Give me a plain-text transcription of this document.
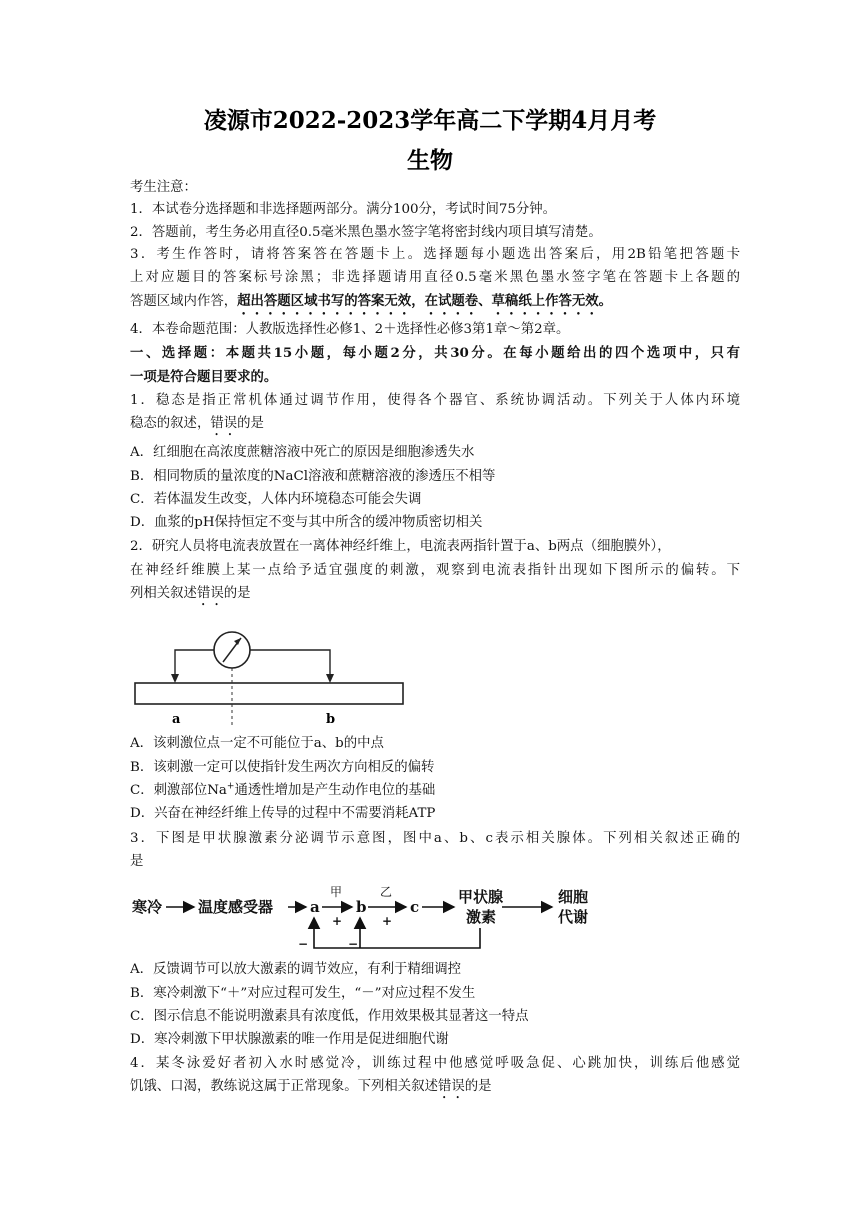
凌源市2022-2023学年高二下学期4月月考
生物
考生注意：
1．本试卷分选择题和非选择题两部分。满分100分，考试时间75分钟。
2．答题前，考生务必用直径0.5毫米黑色墨水签字笔将密封线内项目填写清楚。
3．考生作答时，请将答案答在答题卡上。选择题每小题选出答案后，用2B铅笔把答题卡
上对应题目的答案标号涂黑；非选择题请用直径0.5毫米黑色墨水签字笔在答题卡上各题的
答题区域内作答，超出答题区域书写的答案无效，在试题卷、草稿纸上作答无效。
4．本卷命题范围：人教版选择性必修1、2＋选择性必修3第1章～第2章。
一、选择题：本题共15小题，每小题2分，共30分。在每小题给出的四个选项中，只有
一项是符合题目要求的。
1．稳态是指正常机体通过调节作用，使得各个器官、系统协调活动。下列关于人体内环境
稳态的叙述，错误的是
A．红细胞在高浓度蔗糖溶液中死亡的原因是细胞渗透失水
B．相同物质的量浓度的NaCl溶液和蔗糖溶液的渗透压不相等
C．若体温发生改变，人体内环境稳态可能会失调
D．血浆的pH保持恒定不变与其中所含的缓冲物质密切相关
2．研究人员将电流表放置在一离体神经纤维上，电流表两指针置于a、b两点（细胞膜外），
在神经纤维膜上某一点给予适宜强度的刺激，观察到电流表指针出现如下图所示的偏转。下
列相关叙述错误的是
a	b
A．该刺激位点一定不可能位于a、b的中点
B．该刺激一定可以使指针发生两次方向相反的偏转
C．刺激部位Na+通透性增加是产生动作电位的基础
D．兴奋在神经纤维上传导的过程中不需要消耗ATP
3．下图是甲状腺激素分泌调节示意图，图中a、b、c表示相关腺体。下列相关叙述正确的
是
寒冷 温度感受器 a b	c
甲状腺
激素
细胞
代谢
甲	乙
+	+
−	−
A．反馈调节可以放大激素的调节效应，有利于精细调控
B．寒冷刺激下“＋”对应过程可发生，“－”对应过程不发生
C．图示信息不能说明激素具有浓度低，作用效果极其显著这一特点
D．寒冷刺激下甲状腺激素的唯一作用是促进细胞代谢
4．某冬泳爱好者初入水时感觉冷，训练过程中他感觉呼吸急促、心跳加快，训练后他感觉
饥饿、口渴，教练说这属于正常现象。下列相关叙述错误的是
